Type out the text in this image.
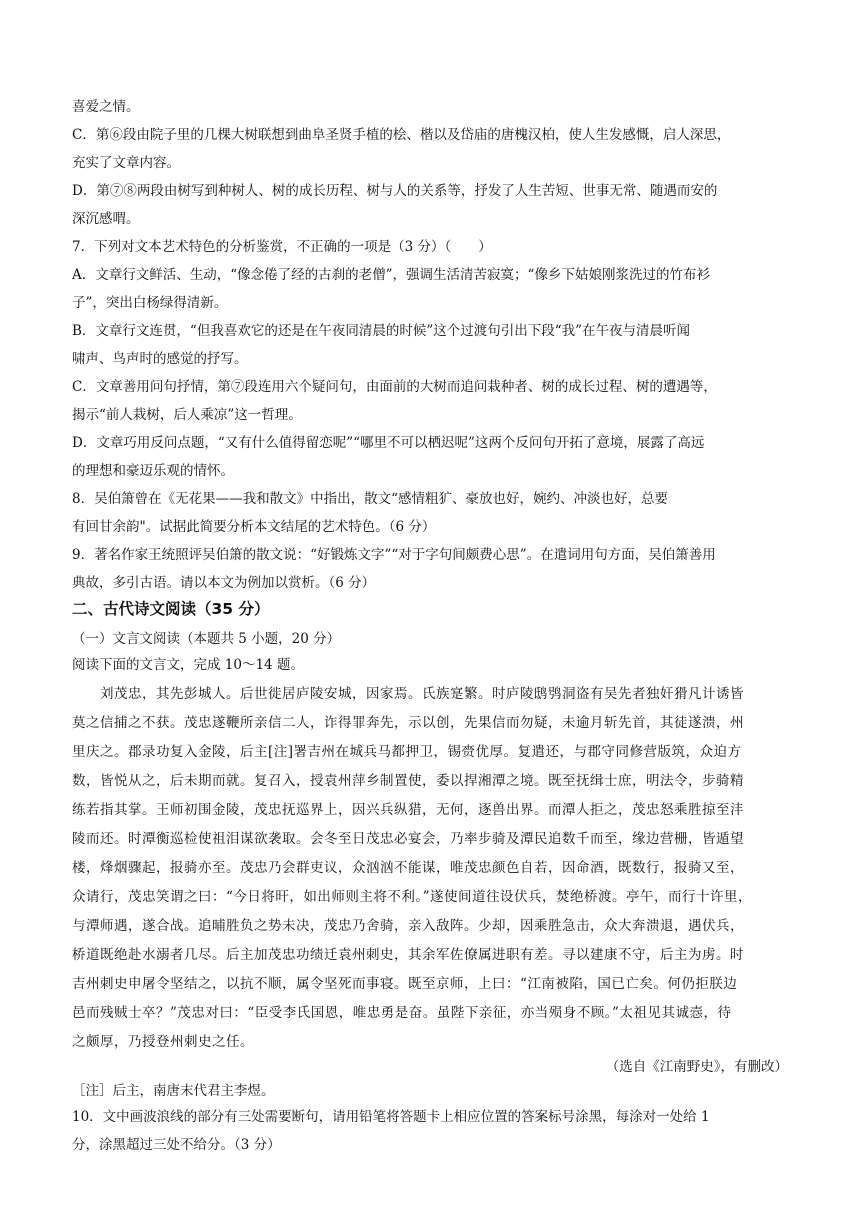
喜爱之情。
C．第⑥段由院子里的几棵大树联想到曲阜圣贤手植的桧、楷以及岱庙的唐槐汉柏，使人生发感慨，启人深思，
充实了文章内容。
D．第⑦⑧两段由树写到种树人、树的成长历程、树与人的关系等，抒发了人生苦短、世事无常、随遇而安的
深沉感喟。
7．下列对文本艺术特色的分析鉴赏，不正确的一项是（3 分）（　　）
A．文章行文鲜活、生动，“像念倦了经的古刹的老僧”，强调生活清苦寂寞；“像乡下姑娘刚浆洗过的竹布衫
子”，突出白杨绿得清新。
B．文章行文连贯，“但我喜欢它的还是在午夜同清晨的时候”这个过渡句引出下段“我”在午夜与清晨听闻
啸声、鸟声时的感觉的抒写。
C．文章善用问句抒情，第⑦段连用六个疑问句，由面前的大树而追问栽种者、树的成长过程、树的遭遇等，
揭示“前人栽树，后人乘凉”这一哲理。
D．文章巧用反问点题，“又有什么值得留恋呢”“哪里不可以栖迟呢”这两个反问句开拓了意境，展露了高远
的理想和豪迈乐观的情怀。
8．吴伯箫曾在《无花果——我和散文》中指出，散文“感情粗犷、豪放也好，婉约、冲淡也好，总要
有回甘余韵"。试据此简要分析本文结尾的艺术特色。（6 分）
9．著名作家王统照评吴伯箫的散文说：“好锻炼文字”“对于字句间颇费心思”。在遣词用句方面，吴伯箫善用
典故，多引古语。请以本文为例加以赏析。（6 分）
二、古代诗文阅读（35 分）
（一）文言文阅读（本题共 5 小题，20 分）
阅读下面的文言文，完成 10～14 题。
　　刘茂忠，其先彭城人。后世徙居庐陵安城，因家焉。氏族寔繁。时庐陵鸱鸮洞盗有吴先者独奸猾凡计诱皆
莫之信捕之不获。茂忠遂鞭所亲信二人，诈得罪奔先，示以创，先果信而勿疑，未逾月斩先首，其徒遂溃，州
里庆之。郡录功复入金陵，后主[注]署吉州在城兵马都押卫，锡赍优厚。复遣还，与郡守同修营版筑，众迫方
数，皆悦从之，后未期而就。复召入，授袁州萍乡制置使，委以捍湘潭之境。既至抚缉士庶，明法令，步骑精
练若指其掌。王师初围金陵，茂忠抚巡界上，因兴兵纵猎，无何，逐兽出界。而潭人拒之，茂忠怒乘胜掠至沣
陵而还。时潭衡巡检使祖泪谋欲袭取。会冬至日茂忠必宴会，乃率步骑及潭民追数千而至，缘边营栅，皆遁望
楼，烽烟骤起，报骑亦至。茂忠乃会群吏议，众汹汹不能谋，唯茂忠颜色自若，因命酒，既数行，报骑又至，
众请行，茂忠笑谓之曰：“今日将旰，如出师则主将不利。”遂使间道往设伏兵，焚绝桥渡。亭午，而行十许里，
与潭师遇，遂合战。追晡胜负之势未决，茂忠乃舍骑，亲入敌阵。少却，因乘胜急击，众大奔溃退，遇伏兵，
桥道既绝赴水溺者几尽。后主加茂忠功绩迁袁州刺史，其余军佐僚属进职有差。寻以建康不守，后主为虏。时
吉州刺史申屠令坚结之，以抗不顺，属令坚死而事寝。既至京师，上曰：“江南被陷，国已亡矣。何仍拒朕边
邑而残贼士卒？”茂忠对曰：“臣受李氏国恩，唯忠勇是奋。虽陛下亲征，亦当殒身不顾。”太祖见其诚悫，待
之颇厚，乃授登州刺史之任。
（选自《江南野史》，有删改）
［注］后主，南唐末代君主李煜。
10．文中画波浪线的部分有三处需要断句，请用铅笔将答题卡上相应位置的答案标号涂黑，每涂对一处给 1
分，涂黑超过三处不给分。（3 分）
